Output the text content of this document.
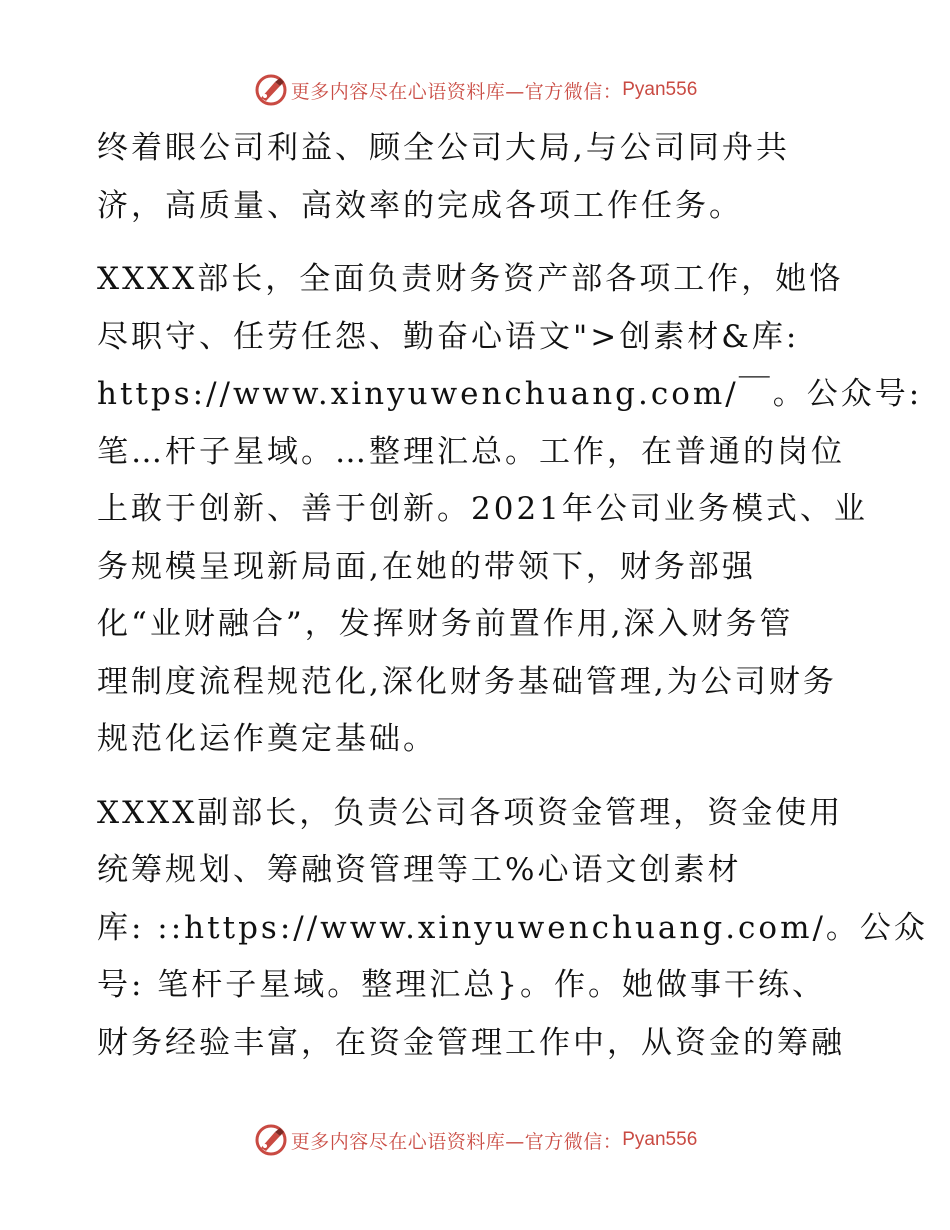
更多内容尽在心语资料库—官方微信： Pyan556
终着眼公司利益、顾全公司大局,与公司同舟共
济，高质量、高效率的完成各项工作任务。
XXXX部长，全面负责财务资产部各项工作，她恪
尽职守、任劳任怨、勤奋心语文">创素材&库:
https://www.xinyuwenchuang.com/￣。公众号:
笔…杆子星域。…整理汇总。工作，在普通的岗位
上敢于创新、善于创新。2021年公司业务模式、业
务规模呈现新局面,在她的带领下，财务部强
化“业财融合”，发挥财务前置作用,深入财务管
理制度流程规范化,深化财务基础管理,为公司财务
规范化运作奠定基础。
XXXX副部长，负责公司各项资金管理，资金使用
统筹规划、筹融资管理等工%心语文创素材
库: ::https://www.xinyuwenchuang.com/。公众
号: 笔杆子星域。整理汇总}。作。她做事干练、
财务经验丰富，在资金管理工作中，从资金的筹融
更多内容尽在心语资料库—官方微信： Pyan556
